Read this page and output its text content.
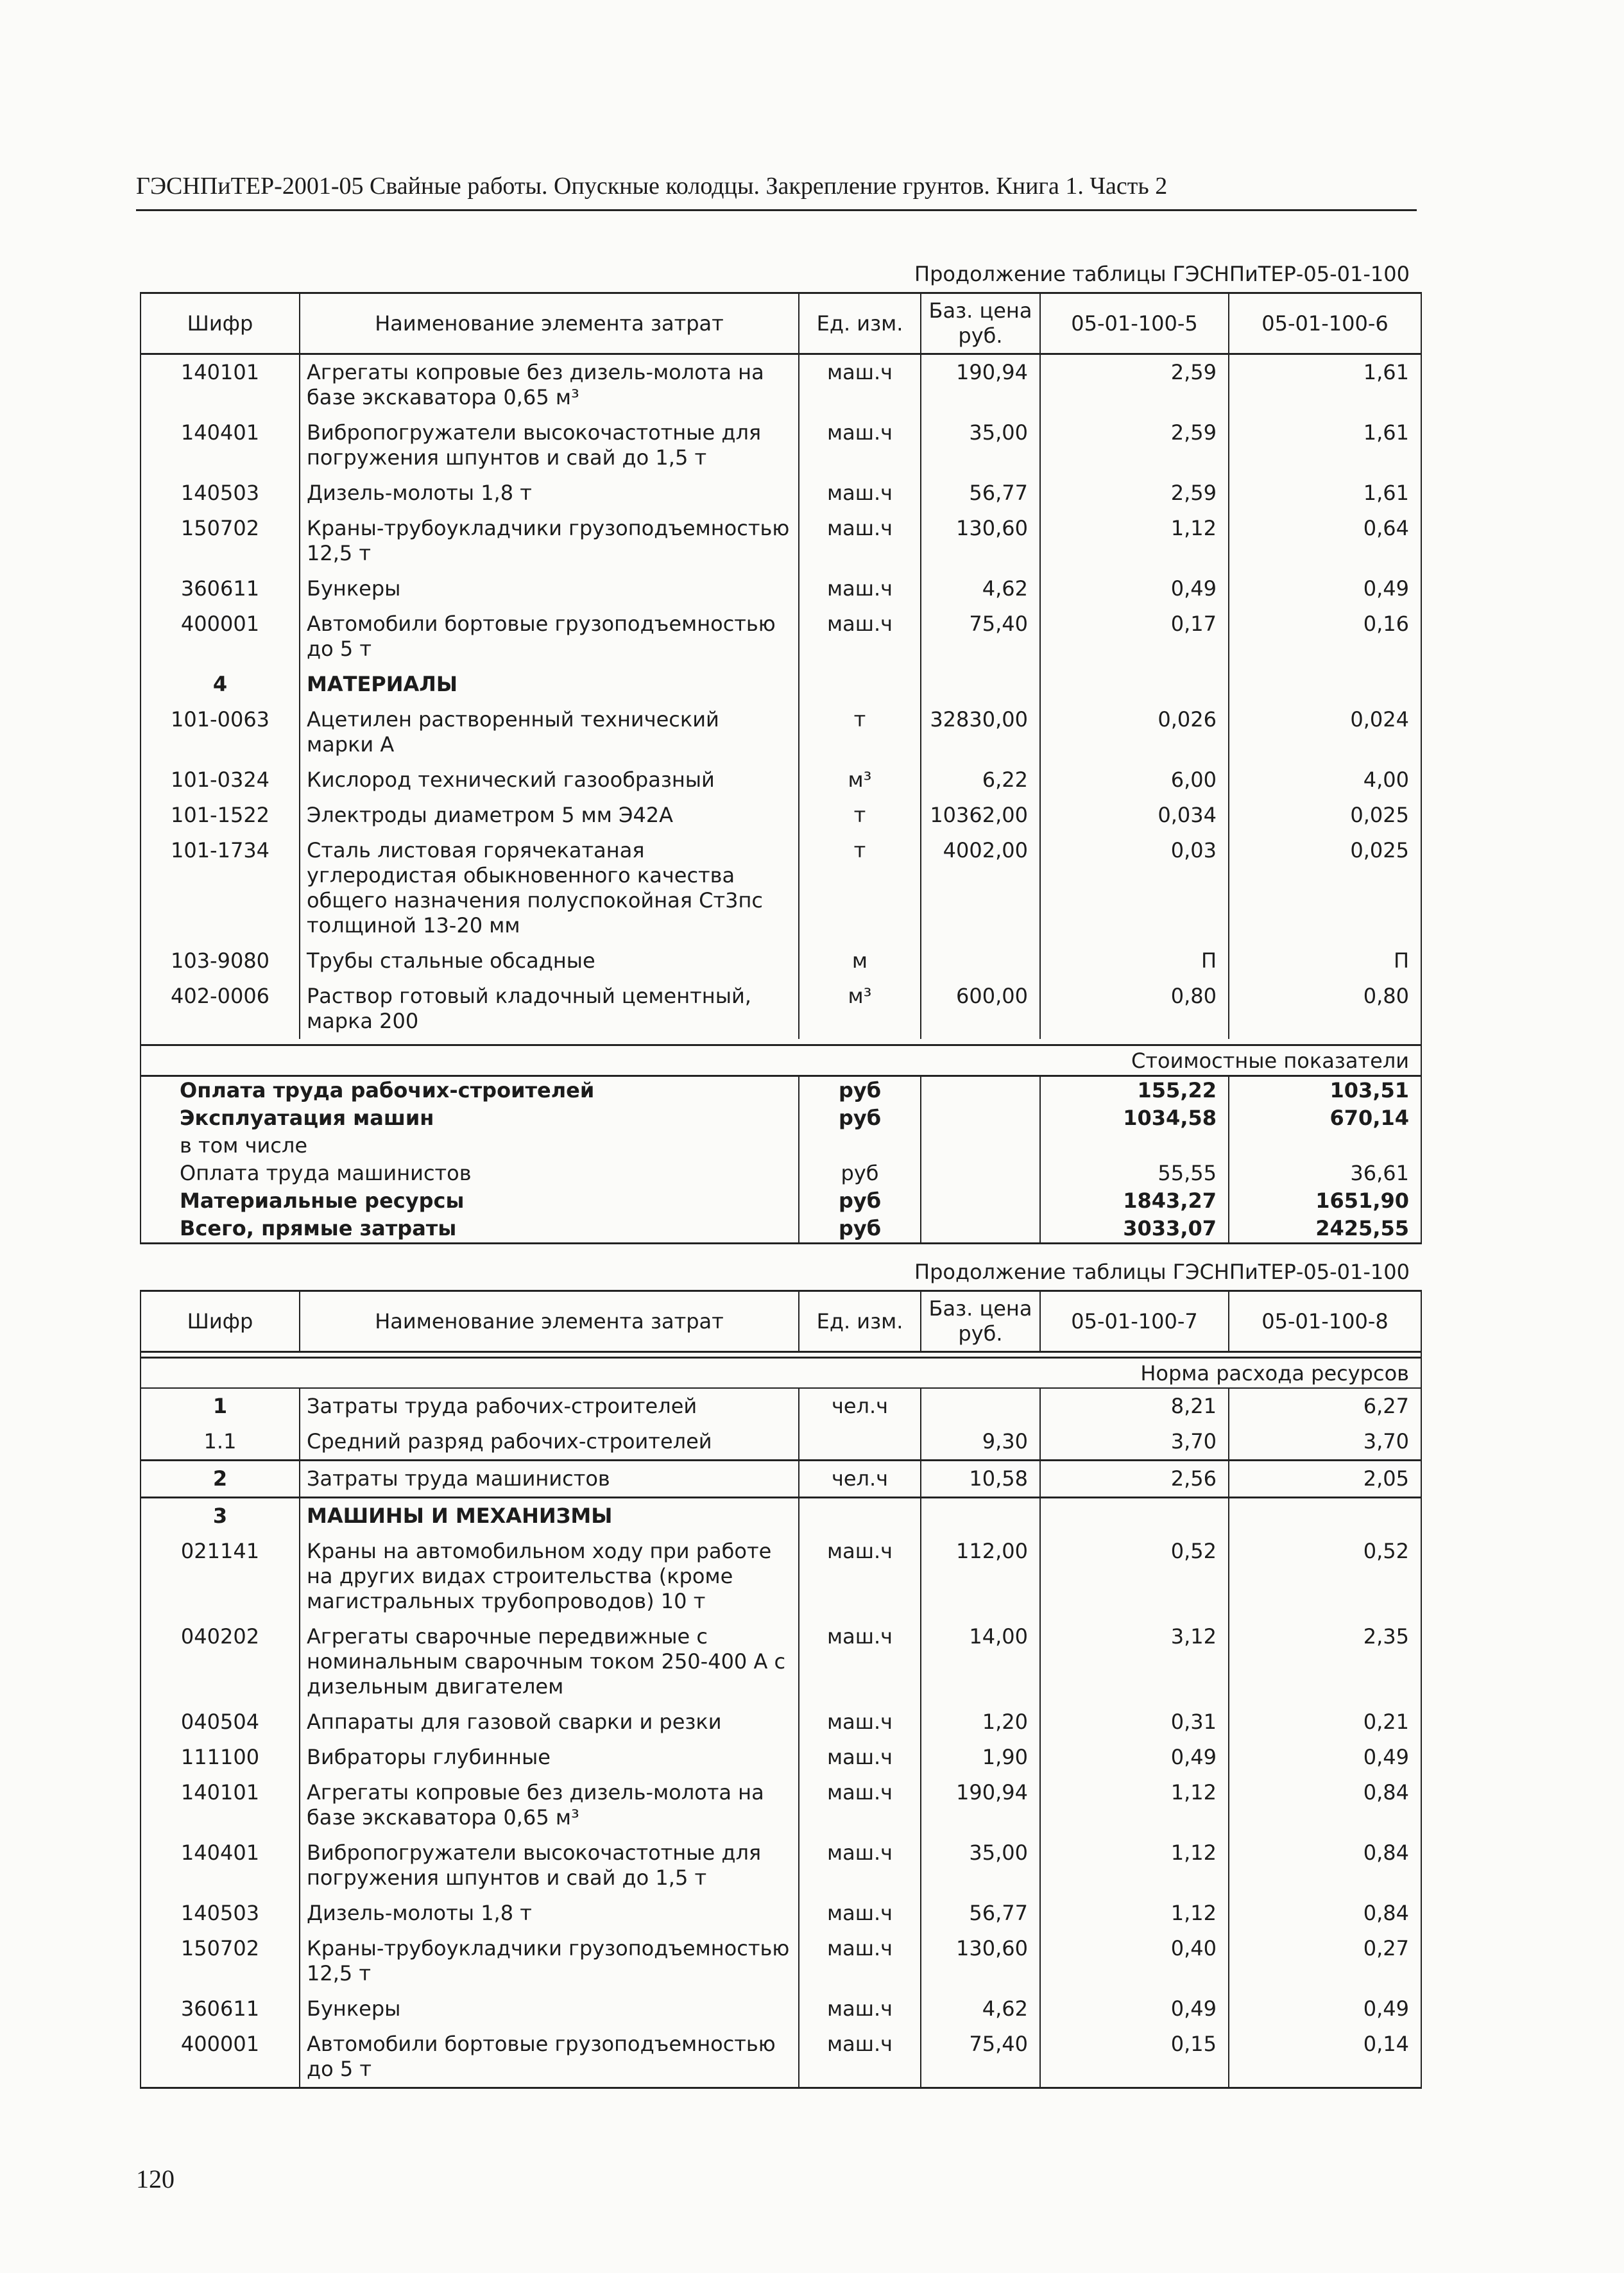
ГЭСНПиТЕР-2001-05 Свайные работы. Опускные колодцы. Закрепление грунтов. Книга 1. Часть 2
Продолжение таблицы ГЭСНПиТЕР-05-01-100
Шифр	Наименование элемента затрат	Ед. изм.	Баз. цена руб.	05-01-100-5	05-01-100-6
140101	Агрегаты копровые без дизель-молота на базе экскаватора 0,65 м³	маш.ч	190,94	2,59	1,61
140401	Вибропогружатели высокочастотные для погружения шпунтов и свай до 1,5 т	маш.ч	35,00	2,59	1,61
140503	Дизель-молоты 1,8 т	маш.ч	56,77	2,59	1,61
150702	Краны-трубоукладчики грузоподъемностью 12,5 т	маш.ч	130,60	1,12	0,64
360611	Бункеры	маш.ч	4,62	0,49	0,49
400001	Автомобили бортовые грузоподъемностью до 5 т	маш.ч	75,40	0,17	0,16
4	МАТЕРИАЛЫ				
101-0063	Ацетилен растворенный технический марки А	т	32830,00	0,026	0,024
101-0324	Кислород технический газообразный	м³	6,22	6,00	4,00
101-1522	Электроды диаметром 5 мм Э42А	т	10362,00	0,034	0,025
101-1734	Сталь листовая горячекатаная углеродистая обыкновенного качества общего назначения полуспокойная Ст3пс толщиной 13-20 мм	т	4002,00	0,03	0,025
103-9080	Трубы стальные обсадные	м		П	П
402-0006	Раствор готовый кладочный цементный, марка 200	м³	600,00	0,80	0,80

Стоимостные показатели					
Оплата труда рабочих-строителей		руб		155,22	103,51
Эксплуатация машин		руб		1034,58	670,14
в том числе					
Оплата труда машинистов		руб		55,55	36,61
Материальные ресурсы		руб		1843,27	1651,90
Всего, прямые затраты		руб		3033,07	2425,55
Продолжение таблицы ГЭСНПиТЕР-05-01-100
Шифр	Наименование элемента затрат	Ед. изм.	Баз. цена руб.	05-01-100-7	05-01-100-8

Норма расхода ресурсов					
1	Затраты труда рабочих-строителей	чел.ч		8,21	6,27
1.1	Средний разряд рабочих-строителей		9,30	3,70	3,70
2	Затраты труда машинистов	чел.ч	10,58	2,56	2,05
3	МАШИНЫ И МЕХАНИЗМЫ				
021141	Краны на автомобильном ходу при работе на других видах строительства (кроме магистральных трубопроводов) 10 т	маш.ч	112,00	0,52	0,52
040202	Агрегаты сварочные передвижные с номинальным сварочным током 250-400 А с дизельным двигателем	маш.ч	14,00	3,12	2,35
040504	Аппараты для газовой сварки и резки	маш.ч	1,20	0,31	0,21
111100	Вибраторы глубинные	маш.ч	1,90	0,49	0,49
140101	Агрегаты копровые без дизель-молота на базе экскаватора 0,65 м³	маш.ч	190,94	1,12	0,84
140401	Вибропогружатели высокочастотные для погружения шпунтов и свай до 1,5 т	маш.ч	35,00	1,12	0,84
140503	Дизель-молоты 1,8 т	маш.ч	56,77	1,12	0,84
150702	Краны-трубоукладчики грузоподъемностью 12,5 т	маш.ч	130,60	0,40	0,27
360611	Бункеры	маш.ч	4,62	0,49	0,49
400001	Автомобили бортовые грузоподъемностью до 5 т	маш.ч	75,40	0,15	0,14
120
